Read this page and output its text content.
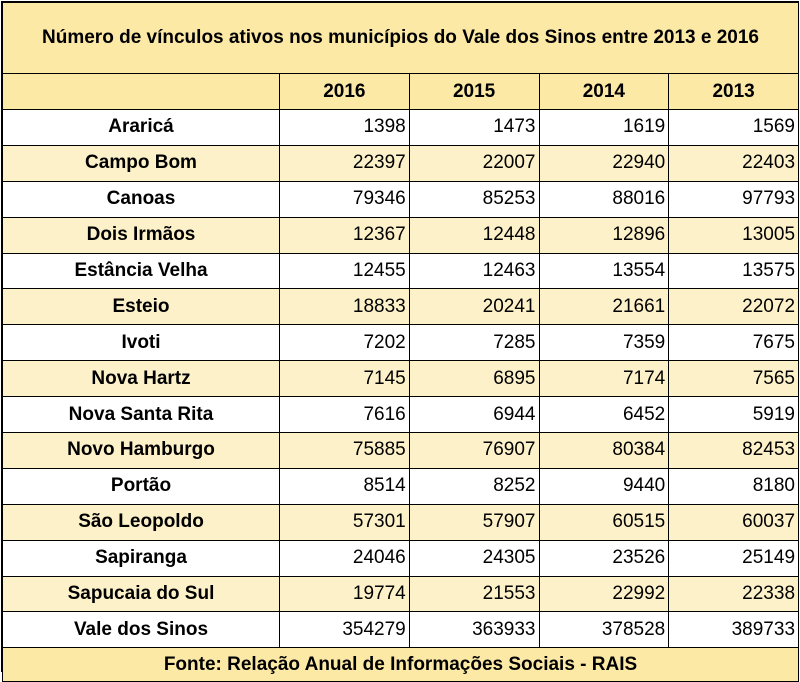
Número de vínculos ativos nos municípios do Vale dos Sinos entre 2013 e 2016				
	2016	2015	2014	2013
Araricá	1398	1473	1619	1569
Campo Bom	22397	22007	22940	22403
Canoas	79346	85253	88016	97793
Dois Irmãos	12367	12448	12896	13005
Estância Velha	12455	12463	13554	13575
Esteio	18833	20241	21661	22072
Ivoti	7202	7285	7359	7675
Nova Hartz	7145	6895	7174	7565
Nova Santa Rita	7616	6944	6452	5919
Novo Hamburgo	75885	76907	80384	82453
Portão	8514	8252	9440	8180
São Leopoldo	57301	57907	60515	60037
Sapiranga	24046	24305	23526	25149
Sapucaia do Sul	19774	21553	22992	22338
Vale dos Sinos	354279	363933	378528	389733
Fonte: Relação Anual de Informações Sociais - RAIS				
